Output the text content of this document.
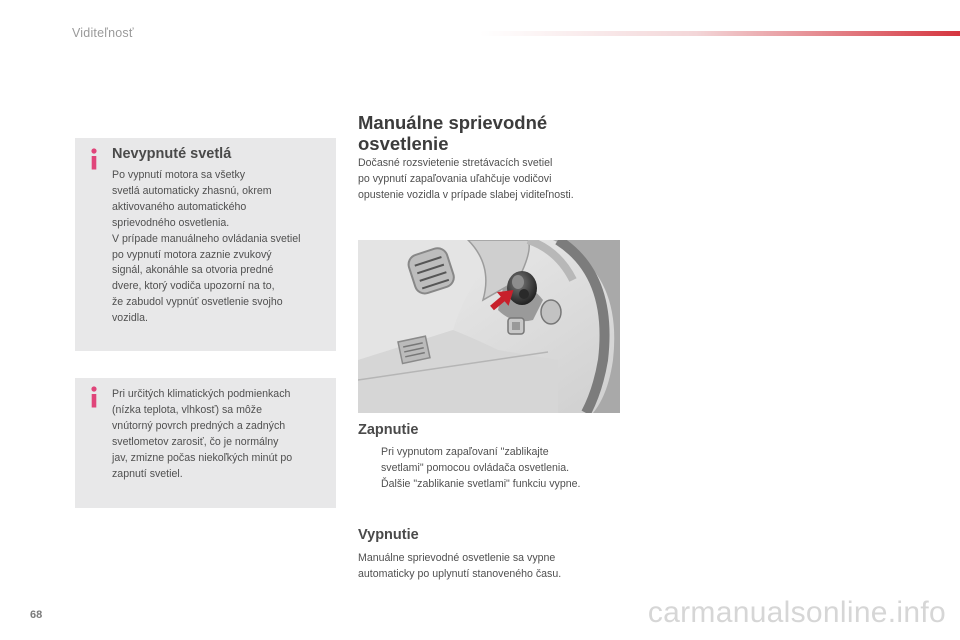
Viditeľnosť
Nevypnuté svetlá
Po vypnutí motora sa všetky
svetlá automaticky zhasnú, okrem
aktivovaného automatického
sprievodného osvetlenia.
V prípade manuálneho ovládania svetiel
po vypnutí motora zaznie zvukový
signál, akonáhle sa otvoria predné
dvere, ktorý vodiča upozorní na to,
že zabudol vypnúť osvetlenie svojho
vozidla.
Pri určitých klimatických podmienkach
(nízka teplota, vlhkosť) sa môže
vnútorný povrch predných a zadných
svetlometov zarosiť, čo je normálny
jav, zmizne počas niekoľkých minút po
zapnutí svetiel.
Manuálne sprievodné
osvetlenie
Dočasné rozsvietenie stretávacích svetiel
po vypnutí zapaľovania uľahčuje vodičovi
opustenie vozidla v prípade slabej viditeľnosti.
Zapnutie
Pri vypnutom zapaľovaní "zablikajte
svetlami" pomocou ovládača osvetlenia.
Ďalšie "zablikanie svetlami" funkciu vypne.
Vypnutie
Manuálne sprievodné osvetlenie sa vypne
automaticky po uplynutí stanoveného času.
68	carmanualsonline.info
